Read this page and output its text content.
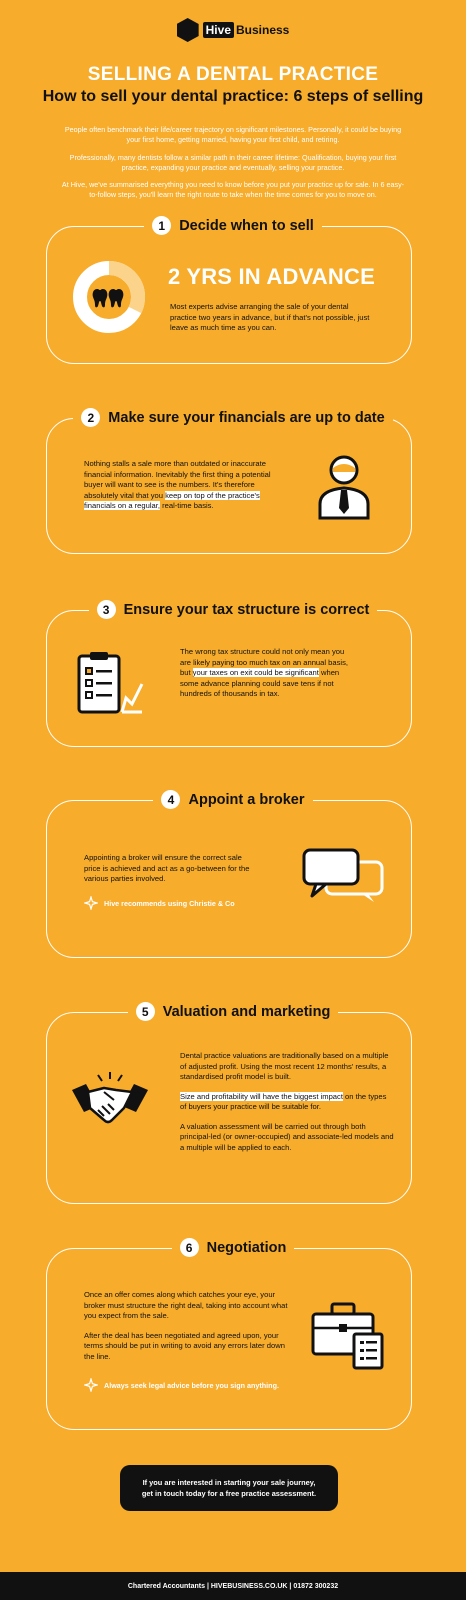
Hive Business
SELLING A DENTAL PRACTICE
How to sell your dental practice: 6 steps of selling
People often benchmark their life/career trajectory on significant milestones. Personally, it could be buying your first home, getting married, having your first child, and retiring.
Professionally, many dentists follow a similar path in their career lifetime: Qualification, buying your first practice, expanding your practice and eventually, selling your practice.
At Hive, we've summarised everything you need to know before you put your practice up for sale. In 6 easy-to-follow steps, you'll learn the right route to take when the time comes for you to move on.
1 Decide when to sell
2 YRS IN ADVANCE
Most experts advise arranging the sale of your dental practice two years in advance, but if that's not possible, just leave as much time as you can.
2 Make sure your financials are up to date
Nothing stalls a sale more than outdated or inaccurate financial information. Inevitably the first thing a potential buyer will want to see is the numbers. It's therefore absolutely vital that you keep on top of the practice's financials on a regular, real-time basis.
3 Ensure your tax structure is correct
The wrong tax structure could not only mean you are likely paying too much tax on an annual basis, but your taxes on exit could be significant when some advance planning could save tens if not hundreds of thousands in tax.
4 Appoint a broker
Appointing a broker will ensure the correct sale price is achieved and act as a go-between for the various parties involved.
Hive recommends using Christie & Co
5 Valuation and marketing

Dental practice valuations are traditionally based on a multiple of adjusted profit. Using the most recent 12 months' results, a standardised profit model is built.

Size and profitability will have the biggest impact on the types of buyers your practice will be suitable for.

A valuation assessment will be carried out through both principal-led (or owner-occupied) and associate-led models and a multiple will be applied to each.

6 Negotiation

Once an offer comes along which catches your eye, your broker must structure the right deal, taking into account what you expect from the sale.

After the deal has been negotiated and agreed upon, your terms should be put in writing to avoid any errors later down the line.

Always seek legal advice before you sign anything.
If you are interested in starting your sale journey,
get in touch today for a free practice assessment.
Chartered Accountants | HIVEBUSINESS.CO.UK | 01872 300232
